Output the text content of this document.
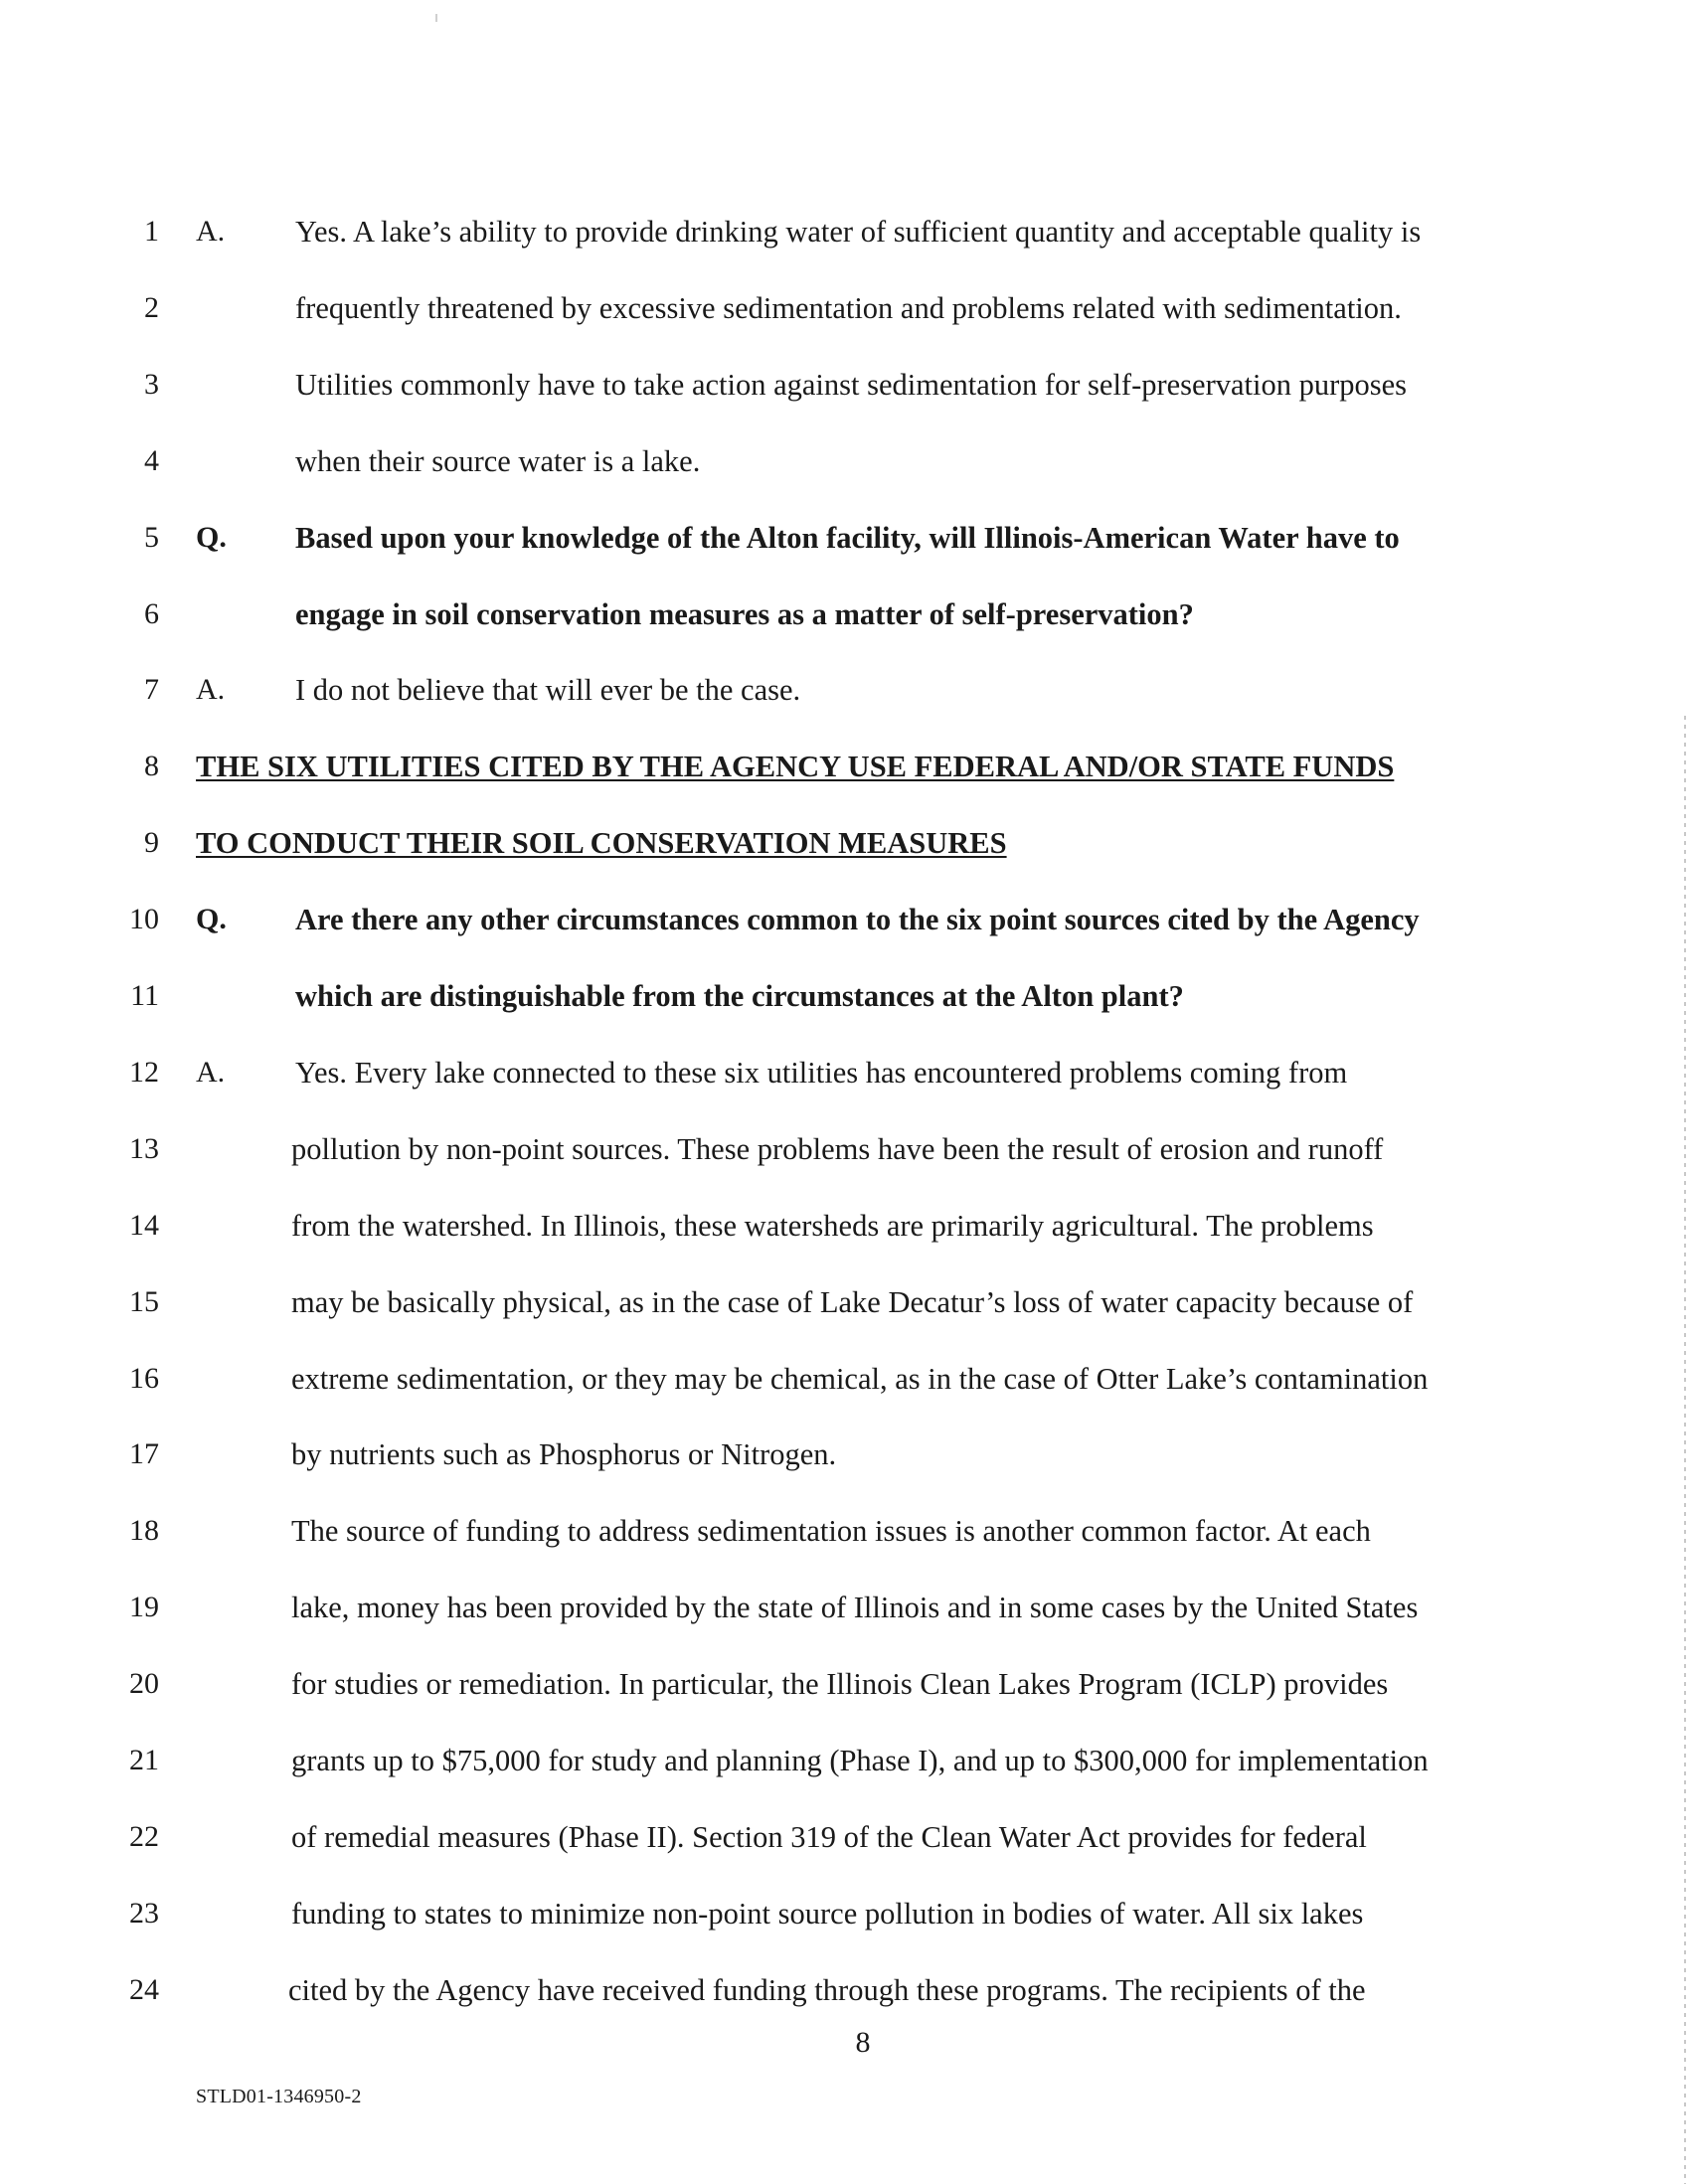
1 A. Yes. A lake’s ability to provide drinking water of sufficient quantity and acceptable quality is
2	frequently threatened by excessive sedimentation and problems related with sedimentation.
3	Utilities commonly have to take action against sedimentation for self-preservation purposes
4	when their source water is a lake.
5 Q. Based upon your knowledge of the Alton facility, will Illinois-American Water have to
6	engage in soil conservation measures as a matter of self-preservation?
7 A. I do not believe that will ever be the case.
8 THE SIX UTILITIES CITED BY THE AGENCY USE FEDERAL AND/OR STATE FUNDS
9 TO CONDUCT THEIR SOIL CONSERVATION MEASURES
10 Q. Are there any other circumstances common to the six point sources cited by the Agency
11	which are distinguishable from the circumstances at the Alton plant?
12 A. Yes. Every lake connected to these six utilities has encountered problems coming from
13	pollution by non-point sources. These problems have been the result of erosion and runoff
14	from the watershed. In Illinois, these watersheds are primarily agricultural. The problems
15	may be basically physical, as in the case of Lake Decatur’s loss of water capacity because of
16	extreme sedimentation, or they may be chemical, as in the case of Otter Lake’s contamination
17	by nutrients such as Phosphorus or Nitrogen.
18	The source of funding to address sedimentation issues is another common factor. At each
19	lake, money has been provided by the state of Illinois and in some cases by the United States
20	for studies or remediation. In particular, the Illinois Clean Lakes Program (ICLP) provides
21	grants up to $75,000 for study and planning (Phase I), and up to $300,000 for implementation
22	of remedial measures (Phase II). Section 319 of the Clean Water Act provides for federal
23	funding to states to minimize non-point source pollution in bodies of water. All six lakes
24	cited by the Agency have received funding through these programs. The recipients of the
8
STLD01-1346950-2
